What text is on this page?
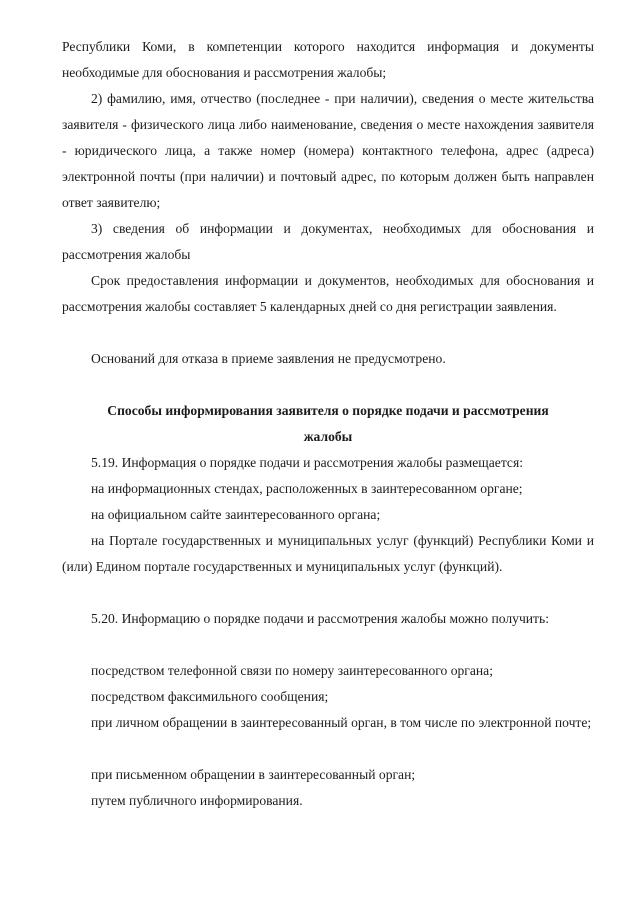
Республики Коми, в компетенции которого находится информация и документы необходимые для обоснования и рассмотрения жалобы;

2) фамилию, имя, отчество (последнее - при наличии), сведения о месте жительства заявителя - физического лица либо наименование, сведения о месте нахождения заявителя - юридического лица, а также номер (номера) контактного телефона, адрес (адреса) электронной почты (при наличии) и почтовый адрес, по которым должен быть направлен ответ заявителю;

3) сведения об информации и документах, необходимых для обоснования и рассмотрения жалобы

Срок предоставления информации и документов, необходимых для обоснования и рассмотрения жалобы составляет 5 календарных дней со дня регистрации заявления.

Оснований для отказа в приеме заявления не предусмотрено.

Способы информирования заявителя о порядке подачи и рассмотрения
жалобы

5.19. Информация о порядке подачи и рассмотрения жалобы размещается:

на информационных стендах, расположенных в заинтересованном органе;

на официальном сайте заинтересованного органа;

на Портале государственных и муниципальных услуг (функций) Республики Коми и (или) Едином портале государственных и муниципальных услуг (функций).

5.20. Информацию о порядке подачи и рассмотрения жалобы можно получить:

посредством телефонной связи по номеру заинтересованного органа;

посредством факсимильного сообщения;

при личном обращении в заинтересованный орган, в том числе по электронной почте;

при письменном обращении в заинтересованный орган;

путем публичного информирования.
